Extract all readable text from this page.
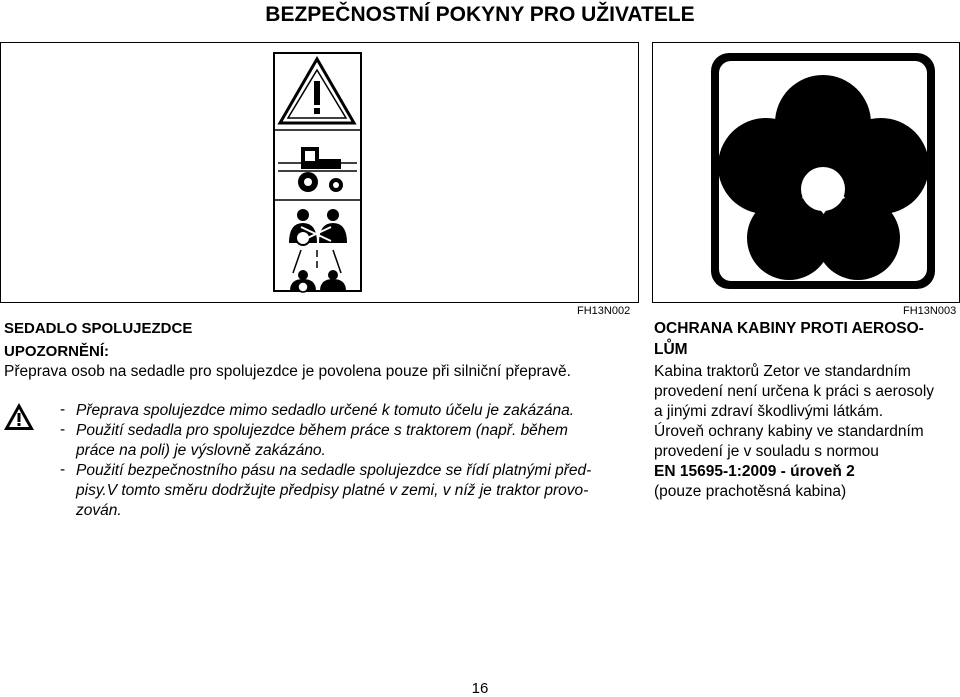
BEZPEČNOSTNÍ POKYNY PRO UŽIVATELE
FH13N002	FH13N003
SEDADLO SPOLUJEZDCE
UPOZORNĚNÍ:
Přeprava osob na sedadle pro spolujezdce je povolena pouze při silniční přepravě.
- Přeprava spolujezdce mimo sedadlo určené k tomuto účelu je zakázána.
- Použití sedadla pro spolujezdce během práce s traktorem (např. během
práce na poli) je výslovně zakázáno.
- Použití bezpečnostního pásu na sedadle spolujezdce se řídí platnými před-
pisy.V tomto směru dodržujte předpisy platné v zemi, v níž je traktor provo-
zován.
OCHRANA KABINY PROTI AEROSO-
LŮM
Kabina traktorů Zetor ve standardním
provedení není určena k práci s aerosoly
a jinými zdraví škodlivými látkám.
Úroveň ochrany kabiny ve standardním
provedení je v souladu s normou
EN 15695-1:2009 - úroveň 2
(pouze prachotěsná kabina)
16
